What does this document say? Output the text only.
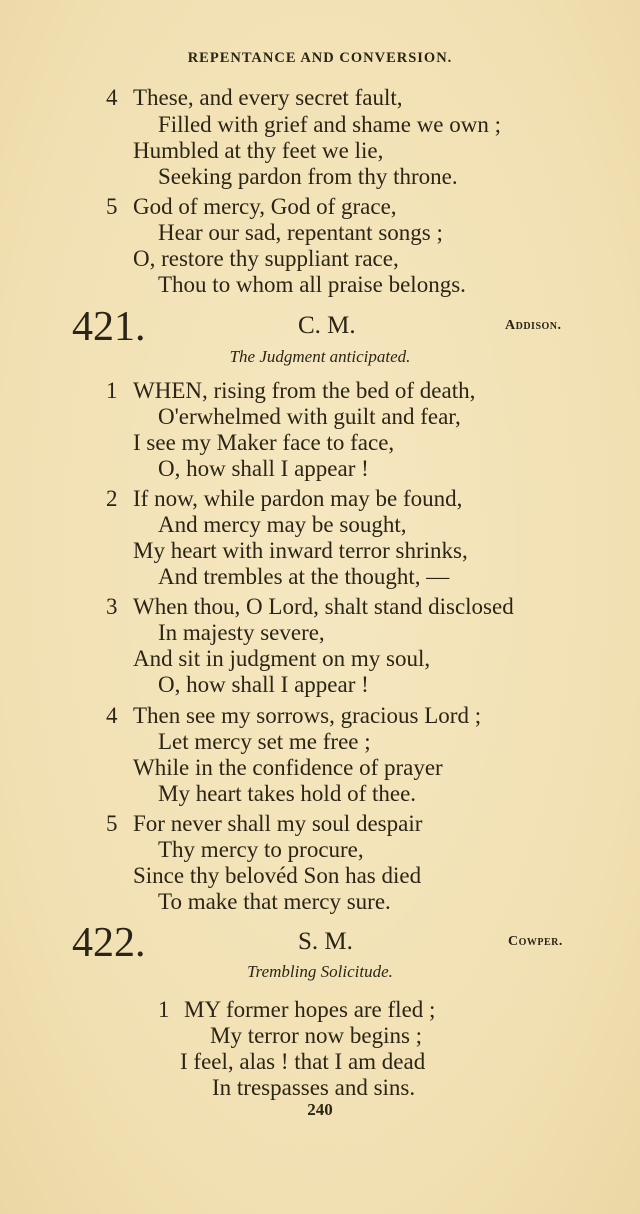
REPENTANCE AND CONVERSION.
4 These, and every secret fault,
Filled with grief and shame we own ;
Humbled at thy feet we lie,
Seeking pardon from thy throne.
5 God of mercy, God of grace,
Hear our sad, repentant songs ;
O, restore thy suppliant race,
Thou to whom all praise belongs.
421.	C. M.	Addison.
The Judgment anticipated.
1 WHEN, rising from the bed of death,
O'erwhelmed with guilt and fear,
I see my Maker face to face,
O, how shall I appear !
2 If now, while pardon may be found,
And mercy may be sought,
My heart with inward terror shrinks,
And trembles at the thought, —
3 When thou, O Lord, shalt stand disclosed
In majesty severe,
And sit in judgment on my soul,
O, how shall I appear !
4 Then see my sorrows, gracious Lord ;
Let mercy set me free ;
While in the confidence of prayer
My heart takes hold of thee.
5 For never shall my soul despair
Thy mercy to procure,
Since thy belovéd Son has died
To make that mercy sure.
422.	S. M.	Cowper.
Trembling Solicitude.
1 MY former hopes are fled ;
My terror now begins ;
I feel, alas ! that I am dead
In trespasses and sins.
240
